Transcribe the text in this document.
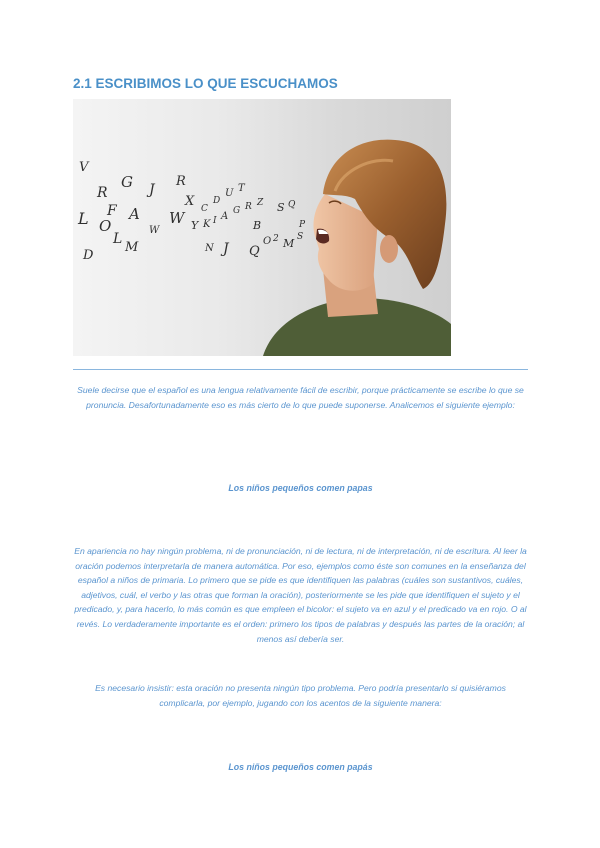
2.1 ESCRIBIMOS LO QUE ESCUCHAMOS
V
R
G J
R
L F A W
X C
D
U T
O	Y K I A
B
G R Z S Q
D
L
M
W
N J Q
O 2 M S
P

Suele decirse que el español es una lengua relativamente fácil de escribir, porque prácticamente se escribe lo que se pronuncia. Desafortunadamente eso es más cierto de lo que puede suponerse. Analicemos el siguiente ejemplo:

Los niños pequeños comen papas

En apariencia no hay ningún problema, ni de pronunciación, ni de lectura, ni de interpretación, ni de escritura. Al leer la oración podemos interpretarla de manera automática. Por eso, ejemplos como éste son comunes en la enseñanza del español a niños de primaria. Lo primero que se pide es que identifiquen las palabras (cuáles son sustantivos, cuáles, adjetivos, cuál, el verbo y las otras que forman la oración), posteriormente se les pide que identifiquen el sujeto y el predicado, y, para hacerlo, lo más común es que empleen el bicolor: el sujeto va en azul y el predicado va en rojo. O al revés. Lo verdaderamente importante es el orden: primero los tipos de palabras y después las partes de la oración; al menos así debería ser.

Es necesario insistir: esta oración no presenta ningún tipo problema. Pero podría presentarlo si quisiéramos complicarla, por ejemplo, jugando con los acentos de la siguiente manera:

Los niños pequeños comen papás
